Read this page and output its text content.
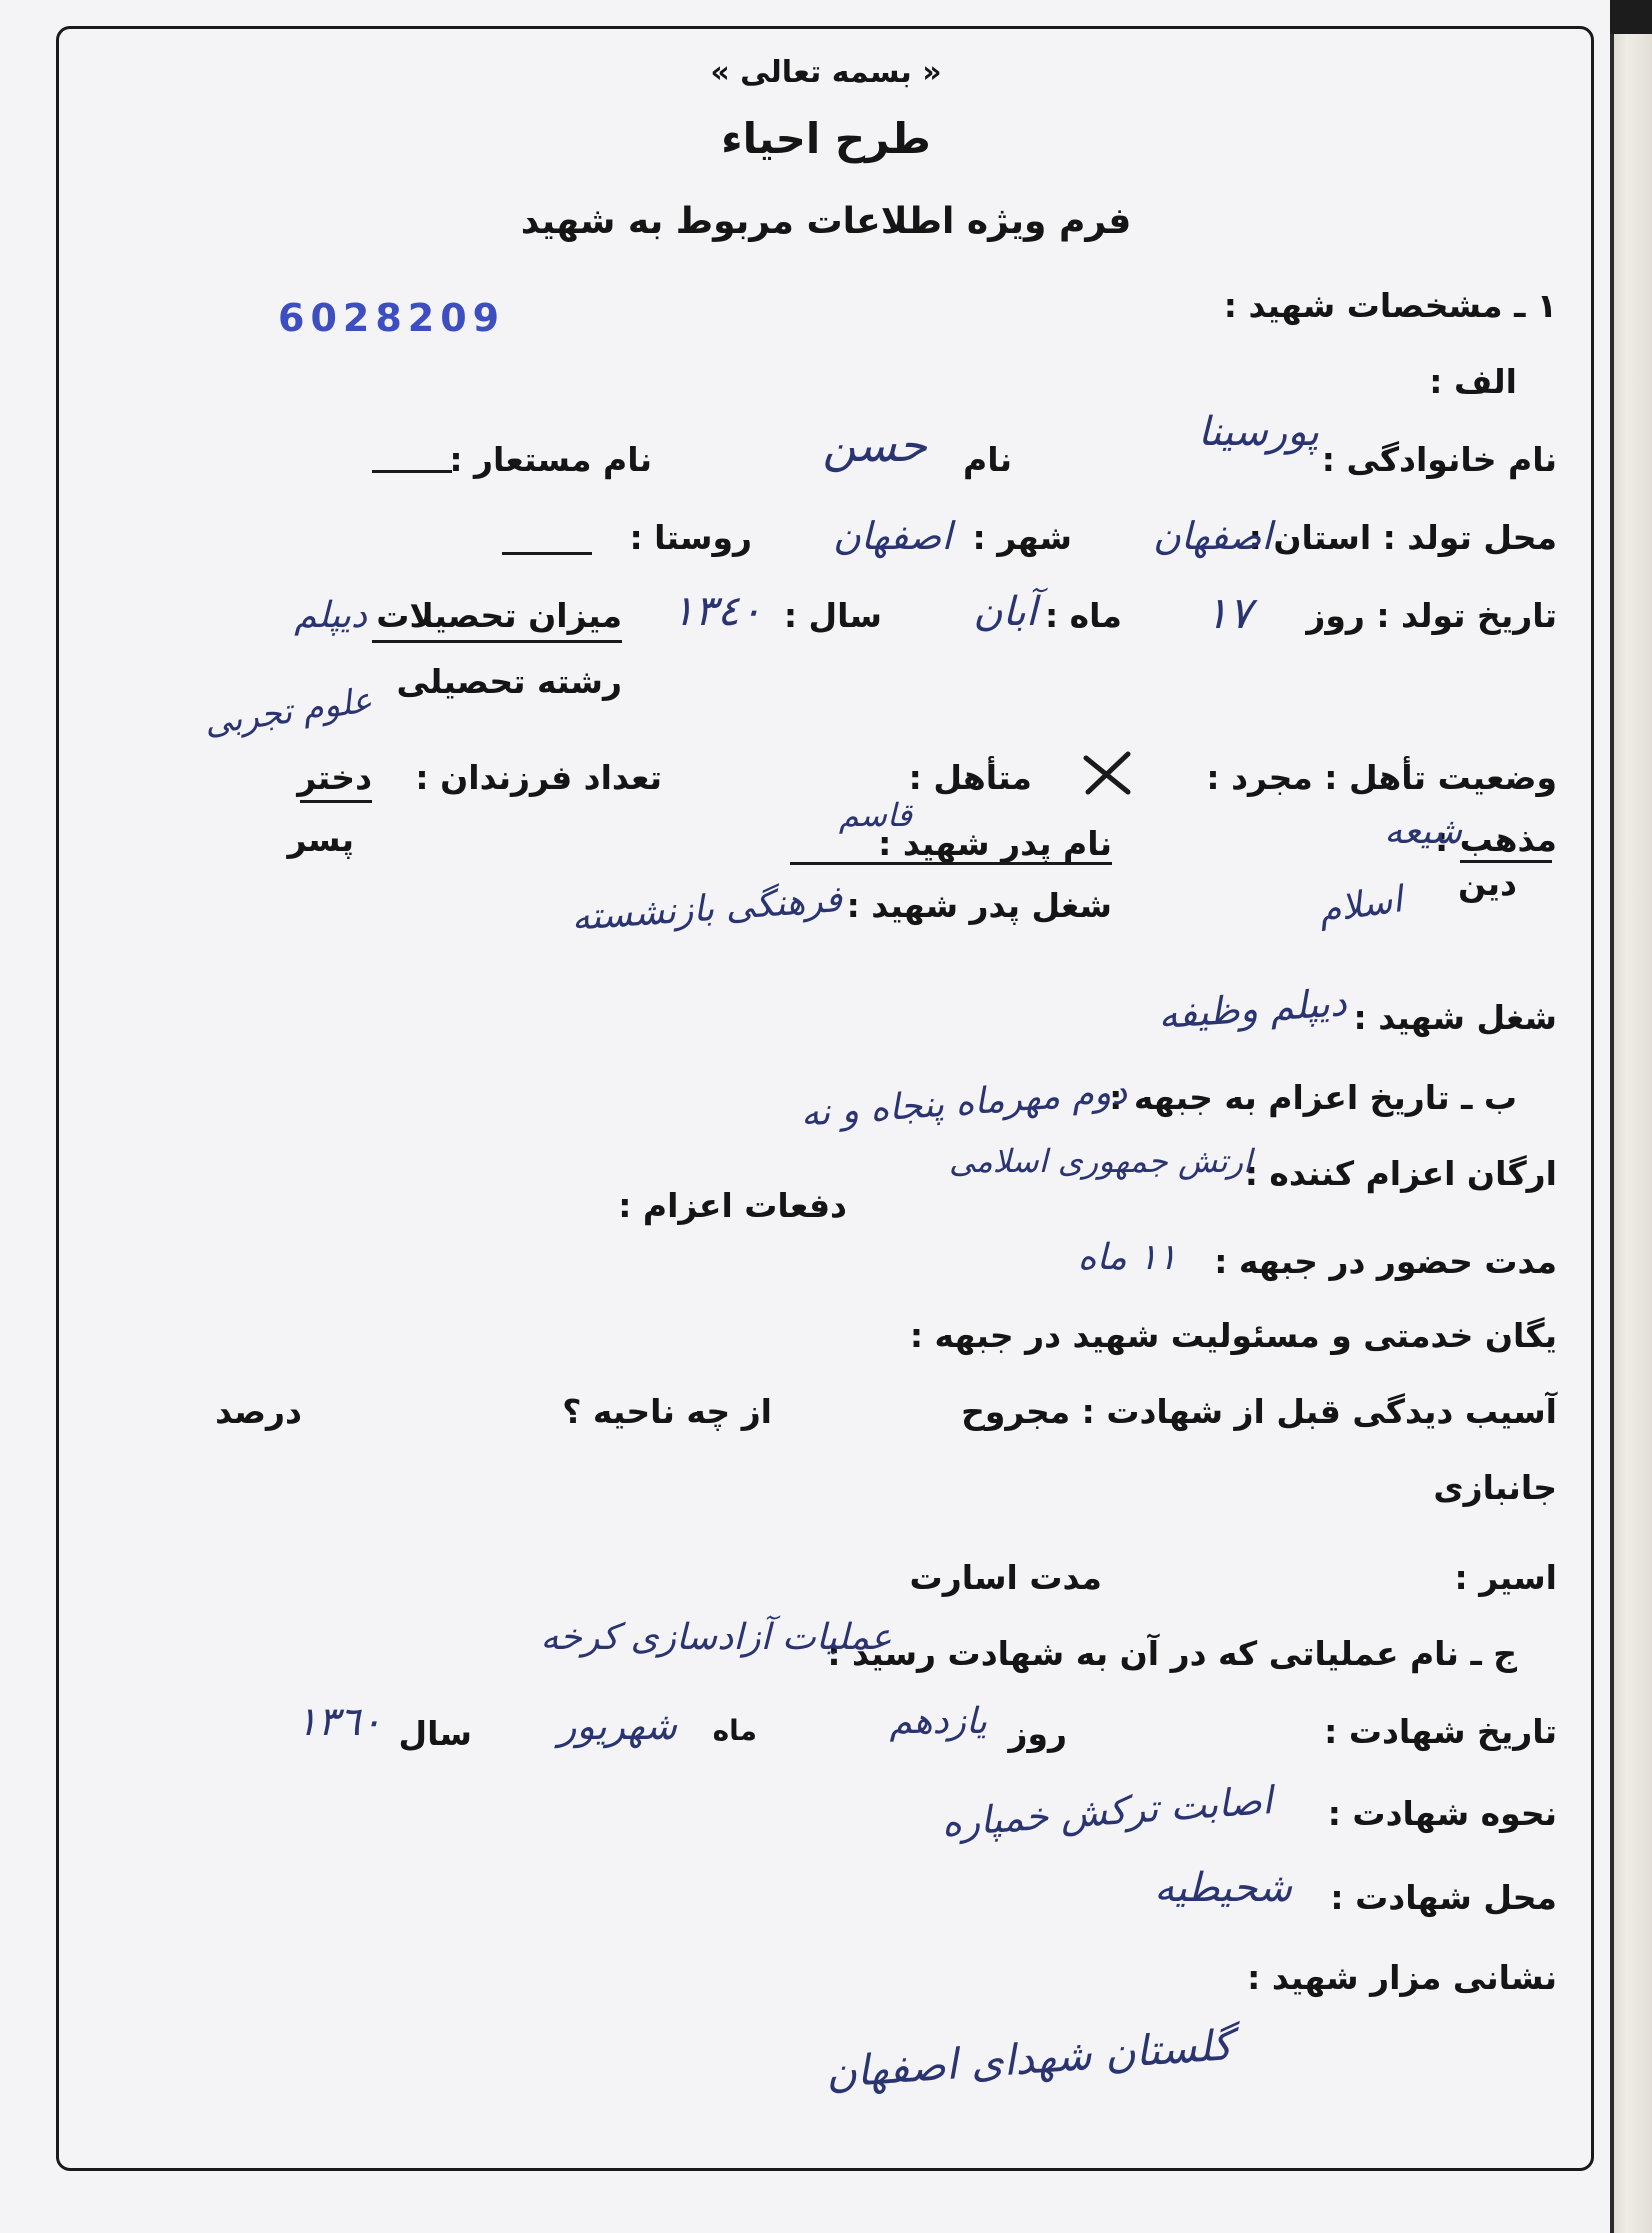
« بسمه تعالی »
طرح احیاء
فرم ویژه اطلاعات مربوط به شهید
6028209	١ ـ مشخصات شهید :
الف :
نام خانوادگی :
پورسینا
نام
حسن
نام مستعار :
محل تولد : استان :
اصفهان
شهر :
اصفهان
روستا :
تاریخ تولد : روز
١٧
ماه :
آبان
سال :
١٣٤٠
میزان تحصیلات
دیپلم
رشته تحصیلی
علوم تجربی
وضعیت تأهل : مجرد :
متأهل :
تعداد فرزندان :
دختر
پسر	مذهب :
شیعه
دین
اسلام
نام پدر شهید :
قاسم
شغل پدر شهید :
فرهنگی بازنشسته
شغل شهید :
دیپلم وظیفه
ب ـ تاریخ اعزام به جبهه :
دوم مهرماه پنجاه و نه
ارگان اعزام کننده :
ارتش جمهوری اسلامی
دفعات اعزام :
مدت حضور در جبهه :
١١ ماه
یگان خدمتی و مسئولیت شهید در جبهه :
آسیب دیدگی قبل از شهادت : مجروح
از چه ناحیه ؟
درصد
جانبازی
اسیر :
مدت اسارت
ج ـ نام عملیاتی که در آن به شهادت رسید :
عملیات آزادسازی کرخه
تاریخ شهادت :
روز
یازدهم
ماه
شهریور
سال
١٣٦٠
نحوه شهادت :
اصابت ترکش خمپاره
محل شهادت :
شحیطیه
نشانی مزار شهید :
گلستان شهدای اصفهان
